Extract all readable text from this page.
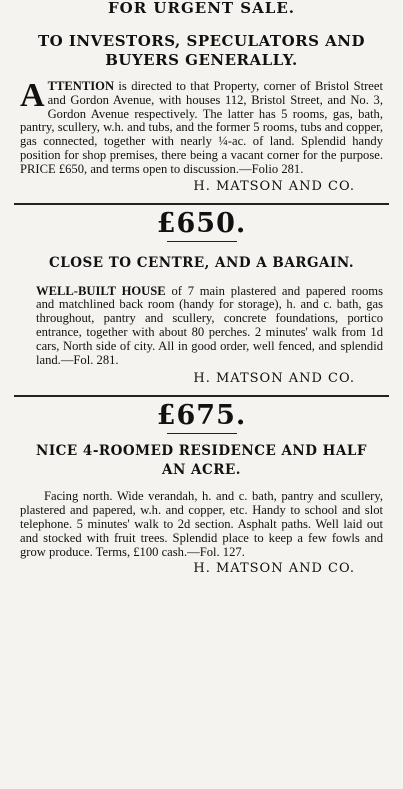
FOR URGENT SALE.

TO INVESTORS, SPECULATORS AND BUYERS GENERALLY.

ATTENTION is directed to that Property, corner of Bristol Street and Gordon Avenue, with houses 112, Bristol Street, and No. 3, Gordon Avenue respectively. The latter has 5 rooms, gas, bath, pantry, scullery, w.h. and tubs, and the former 5 rooms, tubs and copper, gas connected, together with nearly ¼-ac. of land. Splendid handy position for shop premises, there being a vacant corner for the purpose. PRICE £650, and terms open to discussion.—Folio 281.

H. MATSON AND CO.

£650.

CLOSE TO CENTRE, AND A BARGAIN.

WELL-BUILT HOUSE of 7 main plastered and papered rooms and matchlined back room (handy for storage), h. and c. bath, gas throughout, pantry and scullery, concrete foundations, portico entrance, together with about 80 perches. 2 minutes' walk from 1d cars, North side of city. All in good order, well fenced, and splendid land.—Fol. 281.

H. MATSON AND CO.

£675.

NICE 4-ROOMED RESIDENCE AND HALF AN ACRE.

Facing north. Wide verandah, h. and c. bath, pantry and scullery, plastered and papered, w.h. and copper, etc. Handy to school and slot telephone. 5 minutes' walk to 2d section. Asphalt paths. Well laid out and stocked with fruit trees. Splendid place to keep a few fowls and grow produce. Terms, £100 cash.—Fol. 127.

H. MATSON AND CO.
